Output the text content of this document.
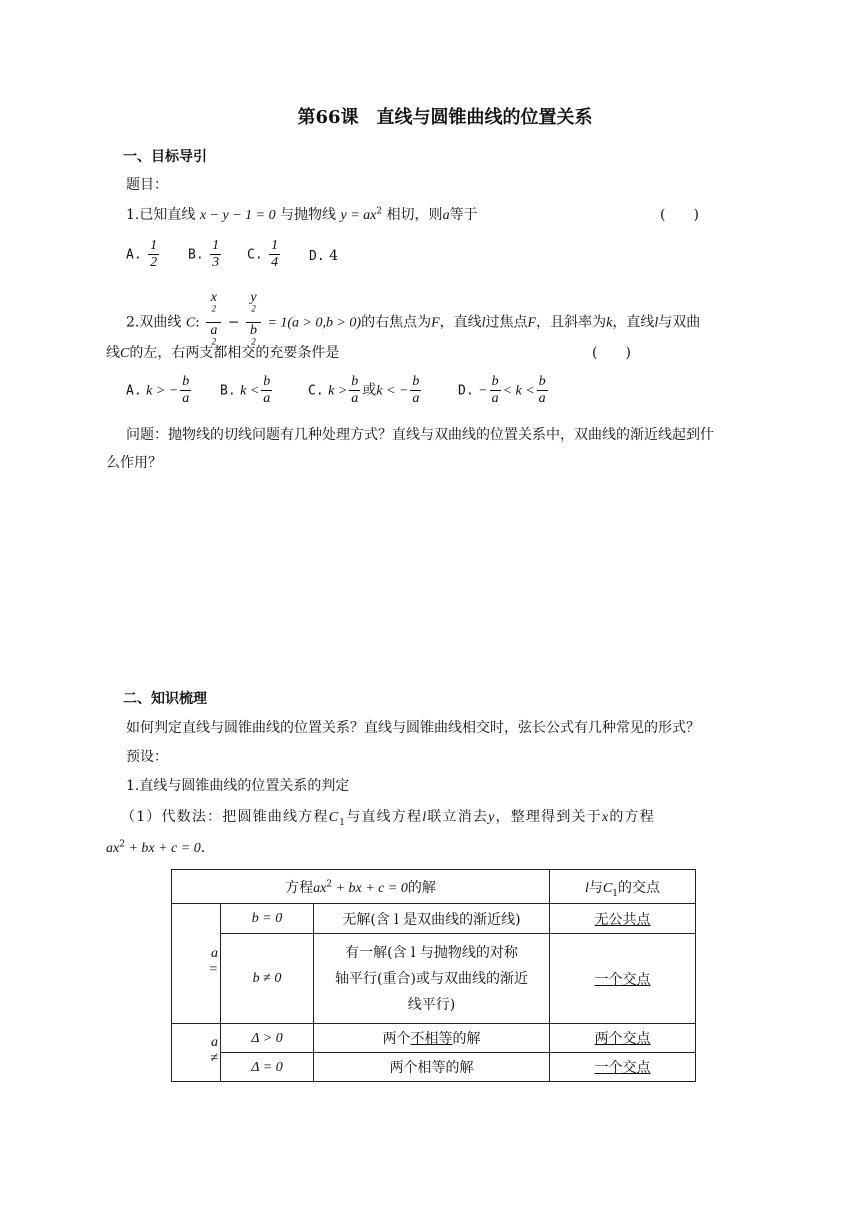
第66课　直线与圆锥曲线的位置关系
一、目标导引
题目：
1.已知直线 x − y − 1 = 0 与抛物线 $y = ax^2$ 相切，则a等于	(　　)
A. $\frac{1}{2} B$. $\frac{1}{3} C$. $\frac{1}{4} D$. 4
2.双曲线 C: x
$^2$
a
$^2$ − y
$^2$
b
$^2$ = 1(a > 0,b > 0)的右焦点为F，直线l过焦点F，且斜率为k，直线l与双曲
线C的左，右两支都相交的充要条件是	(　　)
A. k > − $\frac{b}{a} B$. $k < \frac{b}{a}$	C. $k > \frac{b}{a}$ 或k < − $\frac{b}{a}$	D. − $\frac{b}{a} < k < \frac{b}{a}$
问题：抛物线的切线问题有几种处理方式？直线与双曲线的位置关系中，双曲线的渐近线起到什
么作用？
二、知识梳理
如何判定直线与圆锥曲线的位置关系？直线与圆锥曲线相交时，弦长公式有几种常见的形式？
预设：
1.直线与圆锥曲线的位置关系的判定
（1）代数法：把圆锥曲线方程$C_1$与直线方程l联立消去y，整理得到关于x的方程
$ax^2$ + bx + c = 0.
方程$ax^2$ + bx + c = 0的解			l与$C_1$的交点
a =	b = 0	无解(含 l 是双曲线的渐近线)	无公共点
	b ≠ 0	有一解(含 l 与抛物线的对称
轴平行(重合)或与双曲线的渐近
线平行)	一个交点
a ≠	Δ > 0	两个不相等的解	两个交点
	Δ = 0	两个相等的解	一个交点
